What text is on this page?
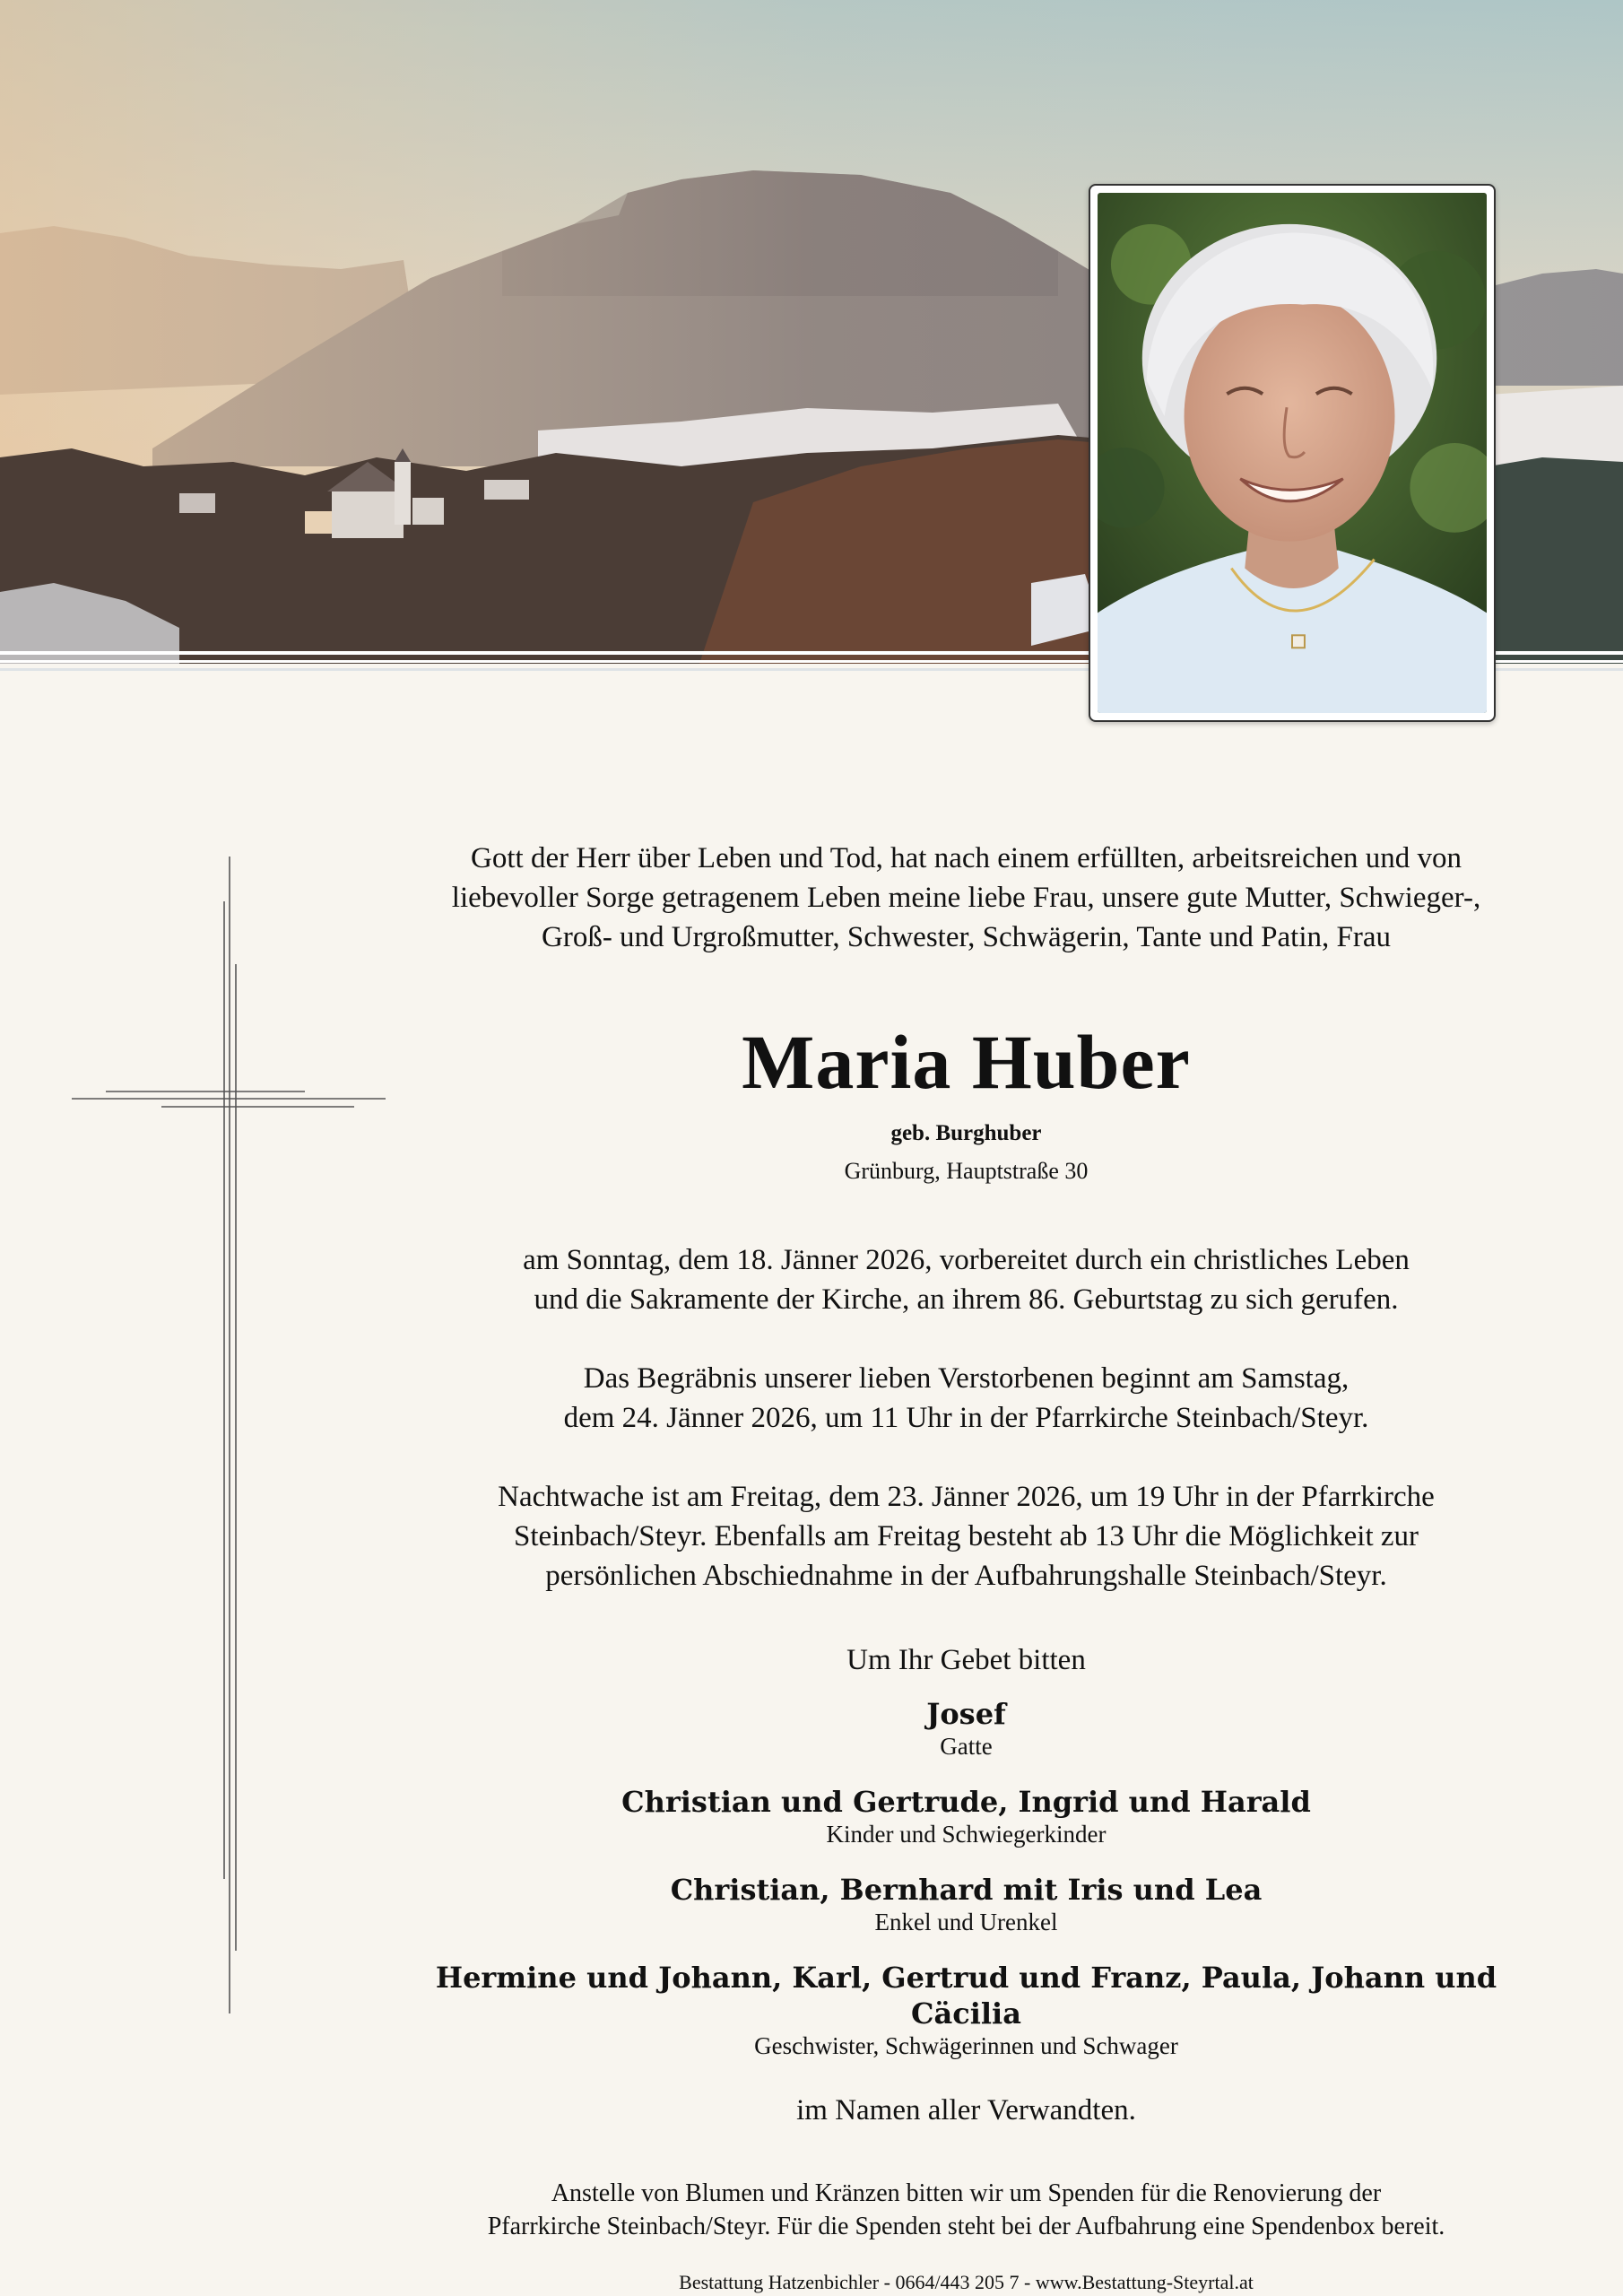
Gott der Herr über Leben und Tod, hat nach einem erfüllten, arbeitsreichen und von
liebevoller Sorge getragenem Leben meine liebe Frau, unsere gute Mutter, Schwieger-,
Groß- und Urgroßmutter, Schwester, Schwägerin, Tante und Patin, Frau
Maria Huber
geb. Burghuber
Grünburg, Hauptstraße 30
am Sonntag, dem 18. Jänner 2026, vorbereitet durch ein christliches Leben
und die Sakramente der Kirche, an ihrem 86. Geburtstag zu sich gerufen.
Das Begräbnis unserer lieben Verstorbenen beginnt am Samstag,
dem 24. Jänner 2026, um 11 Uhr in der Pfarrkirche Steinbach/Steyr.
Nachtwache ist am Freitag, dem 23. Jänner 2026, um 19 Uhr in der Pfarrkirche
Steinbach/Steyr. Ebenfalls am Freitag besteht ab 13 Uhr die Möglichkeit zur
persönlichen Abschiednahme in der Aufbahrungshalle Steinbach/Steyr.
Um Ihr Gebet bitten
Josef
Gatte
Christian und Gertrude, Ingrid und Harald
Kinder und Schwiegerkinder
Christian, Bernhard mit Iris und Lea
Enkel und Urenkel
Hermine und Johann, Karl, Gertrud und Franz, Paula, Johann und Cäcilia
Geschwister, Schwägerinnen und Schwager
im Namen aller Verwandten.
Anstelle von Blumen und Kränzen bitten wir um Spenden für die Renovierung der
Pfarrkirche Steinbach/Steyr. Für die Spenden steht bei der Aufbahrung eine Spendenbox bereit.
Bestattung Hatzenbichler - 0664/443 205 7 - www.Bestattung-Steyrtal.at
